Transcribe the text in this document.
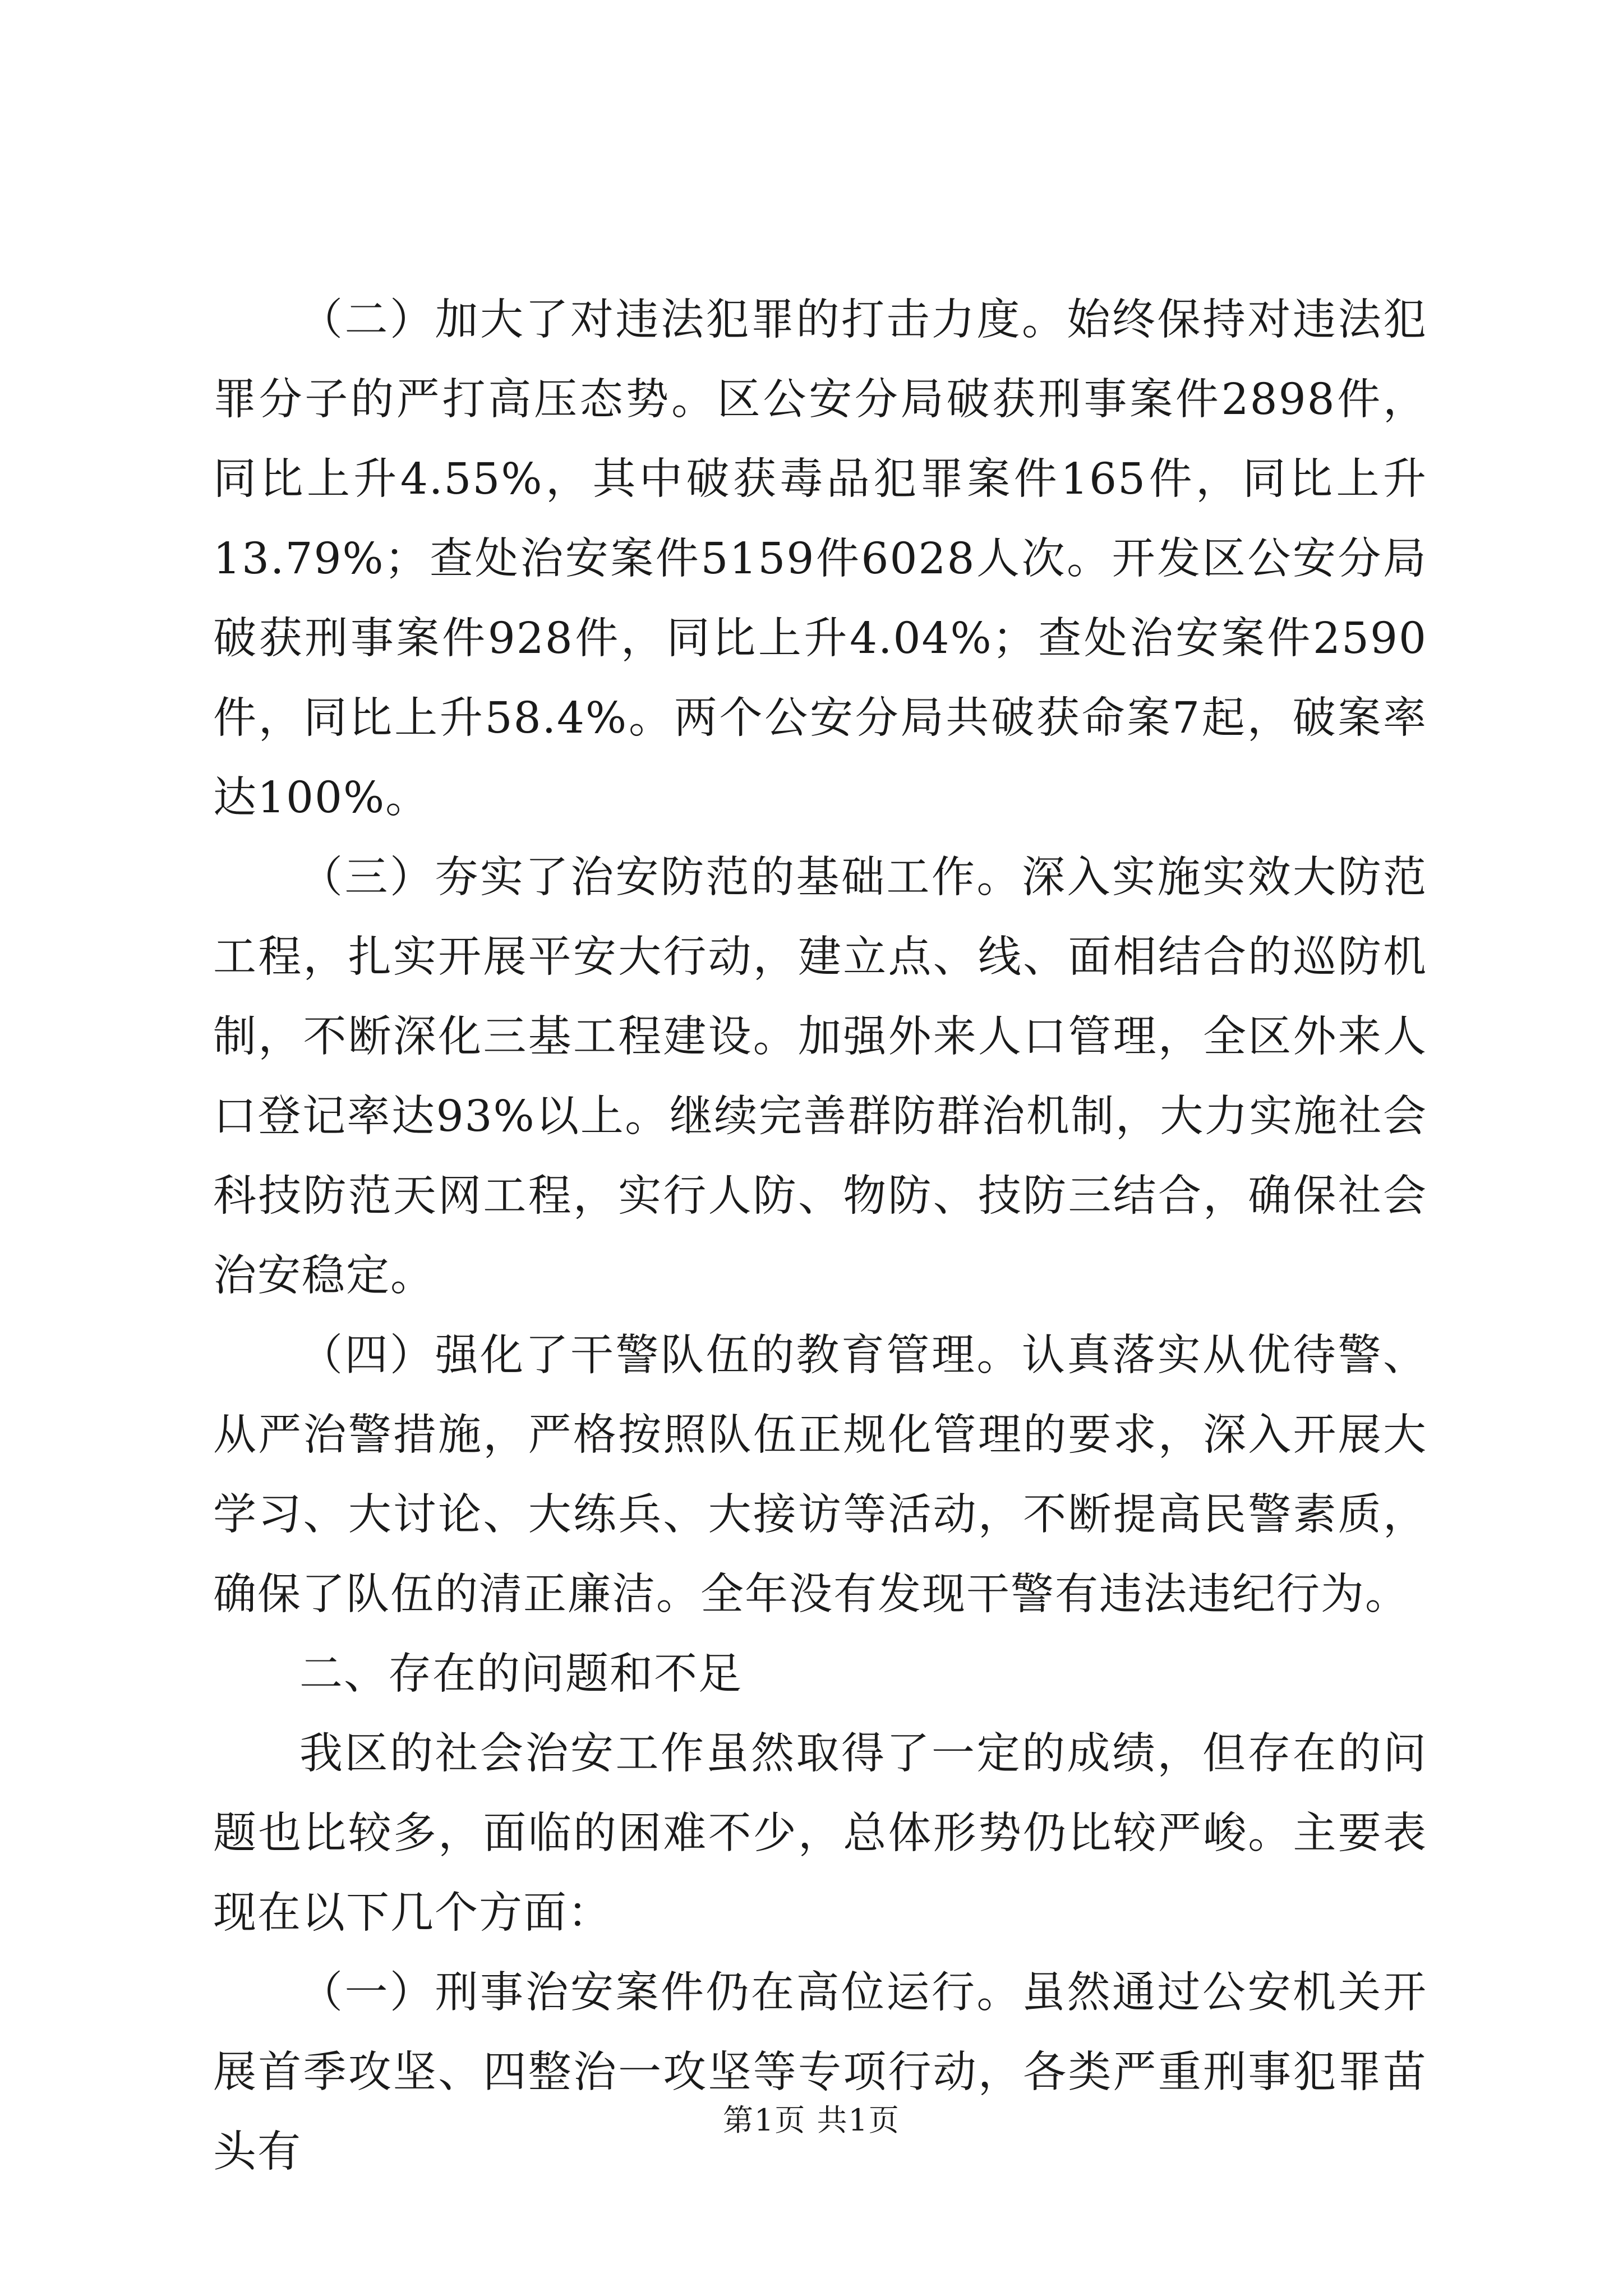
（二）加大了对违法犯罪的打击力度。始终保持对违法犯罪分子的严打高压态势。区公安分局破获刑事案件2898件，同比上升4.55%，其中破获毒品犯罪案件165件，同比上升13.79%；查处治安案件5159件6028人次。开发区公安分局破获刑事案件928件，同比上升4.04%；查处治安案件2590件，同比上升58.4%。两个公安分局共破获命案7起，破案率达100%。

（三）夯实了治安防范的基础工作。深入实施实效大防范工程，扎实开展平安大行动，建立点、线、面相结合的巡防机制，不断深化三基工程建设。加强外来人口管理，全区外来人口登记率达93%以上。继续完善群防群治机制，大力实施社会科技防范天网工程，实行人防、物防、技防三结合，确保社会治安稳定。

（四）强化了干警队伍的教育管理。认真落实从优待警、从严治警措施，严格按照队伍正规化管理的要求，深入开展大学习、大讨论、大练兵、大接访等活动，不断提高民警素质，确保了队伍的清正廉洁。全年没有发现干警有违法违纪行为。

二、存在的问题和不足

我区的社会治安工作虽然取得了一定的成绩，但存在的问题也比较多，面临的困难不少，总体形势仍比较严峻。主要表现在以下几个方面：

（一）刑事治安案件仍在高位运行。虽然通过公安机关开展首季攻坚、四整治一攻坚等专项行动，各类严重刑事犯罪苗头有

第1页 共1页
